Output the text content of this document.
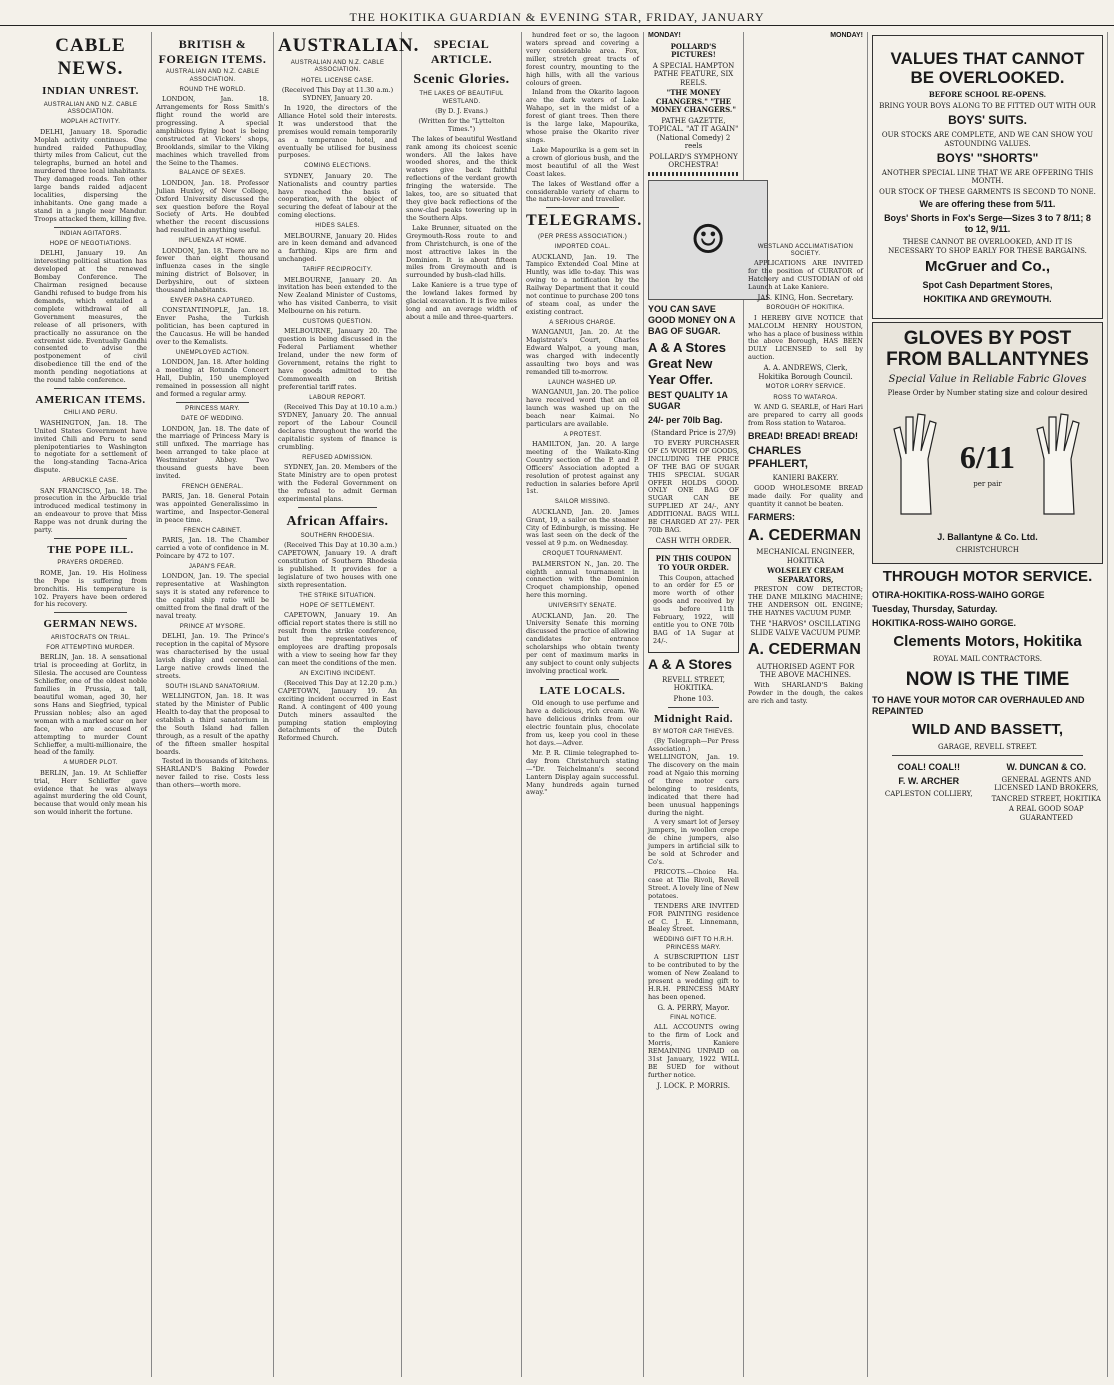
THE HOKITIKA GUARDIAN & EVENING STAR, FRIDAY, JANUARY
CABLE NEWS.
INDIAN UNREST.
AUSTRALIAN AND N.Z. CABLE ASSOCIATION.
MOPLAH ACTIVITY.

DELHI, January 18. Sporadic Moplah activity continues. One hundred raided Pathupudlay, thirty miles from Calicut, cut the telegraphs, burned an hotel and murdered three local inhabitants. They damaged roads. Ten other large bands raided adjacent localities, dispersing the inhabitants. One gang made a stand in a jungle near Mandur. Troops attacked them, killing five.

INDIAN AGITATORS.
HOPE OF NEGOTIATIONS.

DELHI, January 19. An interesting political situation has developed at the renewed Bombay Conference. The Chairman resigned because Gandhi refused to budge from his demands, which entailed a complete withdrawal of all Government measures, the release of all prisoners, with practically no assurance on the extremist side. Eventually Gandhi consented to advise the postponement of civil disobedience till the end of the month pending negotiations at the round table conference.

AMERICAN ITEMS.
CHILI AND PERU.

WASHINGTON, Jan. 18. The United States Government have invited Chili and Peru to send plenipotentiaries to Washington to negotiate for a settlement of the long-standing Tacna-Arica dispute.

ARBUCKLE CASE.

SAN FRANCISCO, Jan. 18. The prosecution in the Arbuckle trial introduced medical testimony in an endeavour to prove that Miss Rappe was not drunk during the party.

THE POPE ILL.
PRAYERS ORDERED.

ROME, Jan. 19. His Holiness the Pope is suffering from bronchitis. His temperature is 102. Prayers have been ordered for his recovery.

GERMAN NEWS.
ARISTOCRATS ON TRIAL.
FOR ATTEMPTING MURDER.

BERLIN, Jan. 18. A sensational trial is proceeding at Gorlitz, in Silesia. The accused are Countess Schlieffer, one of the oldest noble families in Prussia, a tall, beautiful woman, aged 30, her sons Hans and Siegfried, typical Prussian nobles; also an aged woman with a marked scar on her face, who are accused of attempting to murder Count Schlieffer, a multi-millionaire, the head of the family.

A MURDER PLOT.

BERLIN, Jan. 19. At Schlieffer trial, Herr Schlieffer gave evidence that he was always against murdering the old Count, because that would only mean his son would inherit the fortune.

BRITISH & FOREIGN ITEMS.
AUSTRALIAN AND N.Z. CABLE ASSOCIATION.
ROUND THE WORLD.

LONDON, Jan. 18. Arrangements for Ross Smith's flight round the world are progressing. A special amphibious flying boat is being constructed at Vickers' shops, Brooklands, similar to the Viking machines which travelled from the Seine to the Thames.

BALANCE OF SEXES.

LONDON, Jan. 18. Professor Julian Huxley, of New College, Oxford University discussed the sex question before the Royal Society of Arts. He doubted whether the recent discussions had resulted in anything useful.

INFLUENZA AT HOME.

LONDON, Jan. 18. There are no fewer than eight thousand influenza cases in the single mining district of Bolsover, in Derbyshire, out of sixteen thousand inhabitants.

ENVER PASHA CAPTURED.

CONSTANTINOPLE, Jan. 18. Enver Pasha, the Turkish politician, has been captured in the Caucasus. He will be handed over to the Kemalists.

UNEMPLOYED ACTION.

LONDON, Jan. 18. After holding a meeting at Rotunda Concert Hall, Dublin, 150 unemployed remained in possession all night and formed a regular army.

PRINCESS MARY.
DATE OF WEDDING.

LONDON, Jan. 18. The date of the marriage of Princess Mary is still unfixed. The marriage has been arranged to take place at Westminster Abbey. Two thousand guests have been invited.

FRENCH GENERAL.

PARIS, Jan. 18. General Potain was appointed Generalissimo in wartime, and Inspector-General in peace time.

FRENCH CABINET.

PARIS, Jan. 18. The Chamber carried a vote of confidence in M. Poincare by 472 to 107.

JAPAN'S FEAR.

LONDON, Jan. 19. The special representative at Washington says it is stated any reference to the capital ship ratio will be omitted from the final draft of the naval treaty.

PRINCE AT MYSORE.

DELHI, Jan. 19. The Prince's reception in the capital of Mysore was characterised by the usual lavish display and ceremonial. Large native crowds lined the streets.

SOUTH ISLAND SANATORIUM.

WELLINGTON, Jan. 18. It was stated by the Minister of Public Health to-day that the proposal to establish a third sanatorium in the South Island had fallen through, as a result of the apathy of the fifteen smaller hospital boards.

Tested in thousands of kitchens. SHARLAND'S Baking Powder never failed to rise. Costs less than others—worth more.

AUSTRALIAN.
AUSTRALIAN AND N.Z. CABLE ASSOCIATION.
HOTEL LICENSE CASE.
(Received This Day at 11.30 a.m.) SYDNEY, January 20.

In 1920, the directors of the Alliance Hotel sold their interests. It was understood that the premises would remain temporarily as a temperance hotel, and eventually be utilised for business purposes.

COMING ELECTIONS.

SYDNEY, January 20. The Nationalists and country parties have reached the basis of cooperation, with the object of securing the defeat of labour at the coming elections.

HIDES SALES.

MELBOURNE, January 20. Hides are in keen demand and advanced a farthing. Kips are firm and unchanged.

TARIFF RECIPROCITY.

MELBOURNE, January 20. An invitation has been extended to the New Zealand Minister of Customs, who has visited Canberra, to visit Melbourne on his return.

CUSTOMS QUESTION.

MELBOURNE, January 20. The question is being discussed in the Federal Parliament whether Ireland, under the new form of Government, retains the right to have goods admitted to the Commonwealth on British preferential tariff rates.

LABOUR REPORT.

(Received This Day at 10.10 a.m.) SYDNEY, January 20. The annual report of the Labour Council declares throughout the world the capitalistic system of finance is crumbling.

REFUSED ADMISSION.

SYDNEY, Jan. 20. Members of the State Ministry are to open protest with the Federal Government on the refusal to admit German experimental plans.

African Affairs.
SOUTHERN RHODESIA.

(Received This Day at 10.30 a.m.) CAPETOWN, January 19. A draft constitution of Southern Rhodesia is published. It provides for a legislature of two houses with one sixth representation.

THE STRIKE SITUATION.
HOPE OF SETTLEMENT.

CAPETOWN, January 19. An official report states there is still no result from the strike conference, but the representatives of employees are drafting proposals with a view to seeing how far they can meet the conditions of the men.

AN EXCITING INCIDENT.

(Received This Day at 12.20 p.m.) CAPETOWN, January 19. An exciting incident occurred in East Rand. A contingent of 400 young Dutch miners assaulted the pumping station employing detachments of the Dutch Reformed Church.

SPECIAL ARTICLE.
Scenic Glories.
THE LAKES OF BEAUTIFUL WESTLAND.
(By D. J. Evans.)
(Written for the "Lyttelton Times.")

The lakes of beautiful Westland rank among its choicest scenic wonders. All the lakes have wooded shores, and the thick waters give back faithful reflections of the verdant growth fringing the waterside. The lakes, too, are so situated that they give back reflections of the snow-clad peaks towering up in the Southern Alps.

Lake Brunner, situated on the Greymouth-Ross route to and from Christchurch, is one of the most attractive lakes in the Dominion. It is about fifteen miles from Greymouth and is surrounded by bush-clad hills.

Lake Kaniere is a true type of the lowland lakes formed by glacial excavation. It is five miles long and an average width of about a mile and three-quarters.

hundred feet or so, the lagoon waters spread and covering a very considerable area. Fox, miller, stretch great tracts of forest country, mounting to the high hills, with all the various colours of green.

Inland from the Okarito lagoon are the dark waters of Lake Wahapo, set in the midst of a forest of giant trees. Then there is the large lake, Mapourika, whose praise the Okarito river sings.

Lake Mapourika is a gem set in a crown of glorious bush, and the most beautiful of all the West Coast lakes.

The lakes of Westland offer a considerable variety of charm to the nature-lover and traveller.

TELEGRAMS.
(PER PRESS ASSOCIATION.)
IMPORTED COAL.

AUCKLAND, Jan. 19. The Tampico Extended Coal Mine at Huntly, was idle to-day. This was owing to a notification by the Railway Department that it could not continue to purchase 200 tons of steam coal, as under the existing contract.

A SERIOUS CHARGE.

WANGANUI, Jan. 20. At the Magistrate's Court, Charles Edward Walpot, a young man, was charged with indecently assaulting two boys and was remanded till to-morrow.

LAUNCH WASHED UP.

WANGANUI, Jan. 20. The police have received word that an oil launch was washed up on the beach near Kaimai. No particulars are available.

A PROTEST.

HAMILTON, Jan. 20. A large meeting of the Waikato-King Country section of the P. and P. Officers' Association adopted a resolution of protest against any reduction in salaries before April 1st.

SAILOR MISSING.

AUCKLAND, Jan. 20. James Grant, 19, a sailor on the steamer City of Edinburgh, is missing. He was last seen on the deck of the vessel at 9 p.m. on Wednesday.

CROQUET TOURNAMENT.

PALMERSTON N., Jan. 20. The eighth annual tournament in connection with the Dominion Croquet championship, opened here this morning.

UNIVERSITY SENATE.

AUCKLAND, Jan. 20. The University Senate this morning discussed the practice of allowing candidates for entrance scholarships who obtain twenty per cent of maximum marks in any subject to count only subjects involving practical work.

LATE LOCALS.

Old enough to use perfume and have a delicious, rich cream. We have delicious drinks from our electric fountain plus, chocolate from us, keep you cool in these hot days.—Adver.

Mr. P. R. Climie telegraphed to-day from Christchurch stating—"Dr. Teichelmann's second Lantern Display again successful. Many hundreds again turned away."

MONDAY!
POLLARD'S PICTURES!
A SPECIAL HAMPTON PATHE FEATURE, SIX REELS.
"THE MONEY CHANGERS." "THE MONEY CHANGERS."
PATHE GAZETTE, TOPICAL. "AT IT AGAIN" (National Comedy) 2 reels
POLLARD'S SYMPHONY ORCHESTRA!
☺
YOU CAN SAVE GOOD MONEY ON A BAG OF SUGAR.
A & A Stores Great New Year Offer.
BEST QUALITY 1A SUGAR
24/- per 70lb Bag.
(Standard Price is 27/9)

TO EVERY PURCHASER OF £5 WORTH OF GOODS, INCLUDING THE PRICE OF THE BAG OF SUGAR THIS SPECIAL SUGAR OFFER HOLDS GOOD. ONLY ONE BAG OF SUGAR CAN BE SUPPLIED AT 24/-, ANY ADDITIONAL BAGS WILL BE CHARGED AT 27/- PER 70lb BAG.

CASH WITH ORDER.
PIN THIS COUPON TO YOUR ORDER.

This Coupon, attached to an order for £5 or more worth of other goods and received by us before 11th February, 1922, will entitle you to ONE 70lb BAG of 1A Sugar at 24/-.

A & A Stores
REVELL STREET, HOKITIKA.
Phone 103.
Midnight Raid.
BY MOTOR CAR THIEVES.

(By Telegraph—Per Press Association.) WELLINGTON, Jan. 19. The discovery on the main road at Ngaio this morning of three motor cars belonging to residents, indicated that there had been unusual happenings during the night.

A very smart lot of Jersey jumpers, in woollen crepe de chine jumpers, also jumpers in artificial silk to be sold at Schroder and Co's.

PRICOTS.—Choice Ha. case at Tlie Rivoli, Revell Street. A lovely line of New potatoes.

TENDERS ARE INVITED FOR PAINTING residence of C. J. E. Linnemann, Bealey Street.

WEDDING GIFT TO H.R.H. PRINCESS MARY.

A SUBSCRIPTION LIST to be contributed to by the women of New Zealand to present a wedding gift to H.R.H. PRINCESS MARY has been opened.

G. A. PERRY, Mayor.
FINAL NOTICE.

ALL ACCOUNTS owing to the firm of Lock and Morris, Kaniere REMAINING UNPAID on 31st January, 1922 WILL BE SUED for without further notice.

J. LOCK. P. MORRIS.
MONDAY!
WESTLAND ACCLIMATISATION SOCIETY.

APPLICATIONS ARE INVITED for the position of CURATOR of Hatchery and CUSTODIAN of old Launch at Lake Kaniere.

JAS. KING, Hon. Secretary.
BOROUGH OF HOKITIKA.

I HEREBY GIVE NOTICE that MALCOLM HENRY HOUSTON, who has a place of business within the above Borough, HAS BEEN DULY LICENSED to sell by auction.

A. A. ANDREWS, Clerk, Hokitika Borough Council.
MOTOR LORRY SERVICE.
ROSS TO WATAROA.

W. AND G. SEARLE, of Hari Hari are prepared to carry all goods from Ross station to Wataroa.

BREAD! BREAD! BREAD!
CHARLES PFAHLERT,
KANIERI BAKERY.

GOOD WHOLESOME BREAD made daily. For quality and quantity it cannot be beaten.

FARMERS:
A. CEDERMAN
MECHANICAL ENGINEER, HOKITIKA
WOLSELEY CREAM SEPARATORS,

PRESTON COW DETECTOR; THE DANE MILKING MACHINE; THE ANDERSON OIL ENGINE; THE HAYNES VACUUM PUMP.

THE "HARVOS" OSCILLATING SLIDE VALVE VACUUM PUMP.
A. CEDERMAN
AUTHORISED AGENT FOR THE ABOVE MACHINES.

With SHARLAND'S Baking Powder in the dough, the cakes are rich and tasty.

VALUES THAT CANNOT BE OVERLOOKED.
BEFORE SCHOOL RE-OPENS.
BRING YOUR BOYS ALONG TO BE FITTED OUT WITH OUR
BOYS' SUITS.
OUR STOCKS ARE COMPLETE, AND WE CAN SHOW YOU ASTOUNDING VALUES.
BOYS' "SHORTS"
ANOTHER SPECIAL LINE THAT WE ARE OFFERING THIS MONTH.
OUR STOCK OF THESE GARMENTS IS SECOND TO NONE.
We are offering these from 5/11.
Boys' Shorts in Fox's Serge—Sizes 3 to 7 8/11; 8 to 12, 9/11.
THESE CANNOT BE OVERLOOKED, AND IT IS NECESSARY TO SHOP EARLY FOR THESE BARGAINS.
McGruer and Co.,
Spot Cash Department Stores,
HOKITIKA AND GREYMOUTH.
GLOVES BY POST FROM BALLANTYNES
Special Value in Reliable Fabric Gloves
Please Order by Number stating size and colour desired
6/11
per pair
J. Ballantyne & Co. Ltd.
CHRISTCHURCH
THROUGH MOTOR SERVICE.
OTIRA-HOKITIKA-ROSS-WAIHO GORGE
Tuesday, Thursday, Saturday.
HOKITIKA-ROSS-WAIHO GORGE.
Clements Motors, Hokitika
ROYAL MAIL CONTRACTORS.
NOW IS THE TIME
TO HAVE YOUR MOTOR CAR OVERHAULED AND REPAINTED
WILD AND BASSETT,
GARAGE, REVELL STREET.
COAL! COAL!!
F. W. ARCHER
CAPLESTON COLLIERY,
W. DUNCAN & CO.
GENERAL AGENTS AND LICENSED LAND BROKERS,
TANCRED STREET, HOKITIKA
A REAL GOOD SOAP GUARANTEED
